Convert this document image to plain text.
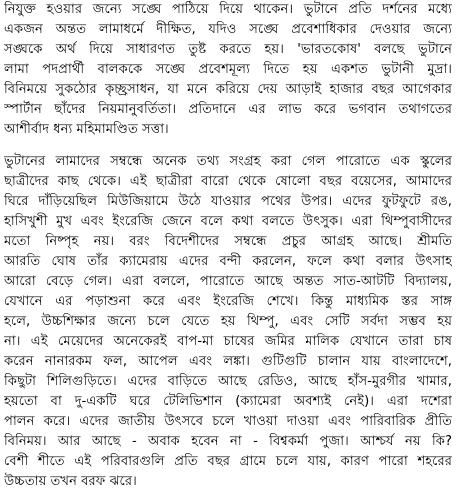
নিযুক্ত হওয়ার জন্যে সঙ্ঘে পাঠিয়ে দিয়ে থাকেন। ভুটানে প্রতি দর্শনের মধ্যে
একজন অন্তত লামাধর্মে দীক্ষিত, যদিও সঙ্ঘে প্রবেশাধিকার দেওয়ার জন্যে
সঙ্ঘকে অর্থ দিয়ে সাধারণত তুষ্ট করতে হয়। 'ভারতকোষ' বলছে ভুটানে
লামা পদপ্রার্থী বালককে সঙ্ঘে প্রবেশমূল্য দিতে হয় একশত ভুটানী মুদ্রা।
বিনিময়ে সুকঠোর কৃচ্ছ্রসাধন, যা মনে করিয়ে দেয় আড়াই হাজার বছর আগেকার
স্পার্টান ছাঁদের নিয়মানুবর্তিতা। প্রতিদানে এর লাভ করে ভগবান তথাগতের
আশীর্বাদ ধন্য মহিমামণ্ডিত সত্তা।
ভুটানের লামাদের সম্বন্ধে অনেক তথ্য সংগ্রহ করা গেল পারোতে এক স্কুলের
ছাত্রীদের কাছ থেকে। এই ছাত্রীরা বারো থেকে ষোলো বছর বয়েসের, আমাদের
ঘিরে দাঁড়িয়েছিল মিউজিয়ামে উঠে যাওয়ার পথের উপর। এদের ফুটফুটে রঙ,
হাসিখুশী মুখ এবং ইংরেজি জেনে বলে কথা বলতে উৎসুক। এরা থিম্পুবাসীদের
মতো নিষ্পৃহ নয়। বরং বিদেশীদের সম্বন্ধে প্রচুর আগ্রহ আছে। শ্রীমতি
আরতি ঘোষ তাঁর ক্যামেরায় এদের বন্দী করলেন, ফলে কথা বলার উৎসাহ
আরো বেড়ে গেল। এরা বললে, পারোতে আছে অন্তত সাত-আটটি বিদ্যালয়,
যেখানে এর পড়াশুনা করে এবং ইংরেজি শেখে। কিন্তু মাধ্যমিক স্তর সাঙ্গ
হলে, উচ্চশিক্ষার জন্যে চলে যেতে হয় থিম্পু, এবং সেটি সর্বদা সম্ভব হয়
না। এই মেয়েদের অনেকেরই বাপ-মা চাষের জমির মালিক যেখানে তারা চাষ
করেন নানারকম ফল, আপেল এবং লঙ্কা। গুটিগুটি চালান যায় বাংলাদেশে,
কিছুটা শিলিগুড়িতে। এদের বাড়িতে আছে রেডিও, আছে হাঁস-মুরগীর খামার,
হয়তো বা দু-একটি ঘরে টেলিভিশান (ক্যামেরা অবশ্যই নেই)। এরা দশেরা
পালন করে। এদের জাতীয় উৎসবে চলে খাওয়া দাওয়া এবং পারিবারিক প্রীতি
বিনিময়। আর আছে - অবাক হবেন না - বিশ্বকর্মা পুজা। আশ্চর্য নয় কি?
বেশী শীতে এই পরিবারগুলি প্রতি বছর গ্রামে চলে যায়, কারণ পারো শহরের
উচ্চতায় তখন বরফ ঝরে।
